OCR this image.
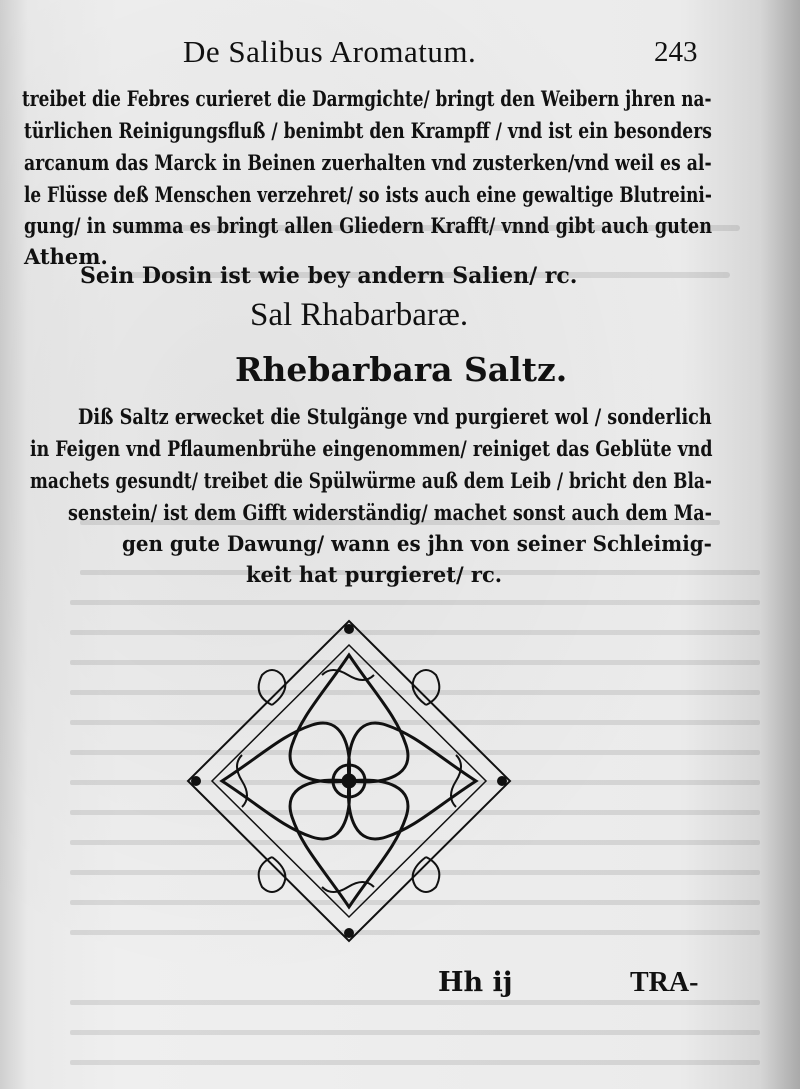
De Salibus Aromatum.	243
treibet die Febres curieret die Darmgichte/ bringt den Weibern jhren na-
türlichen Reinigungsfluß / benimbt den Krampff / vnd ist ein besonders
arcanum das Marck in Beinen zuerhalten vnd zusterken/vnd weil es al-
le Flüsse deß Menschen verzehret/ so ists auch eine gewaltige Blutreini-
gung/ in summa es bringt allen Gliedern Krafft/ vnnd gibt auch guten
Athem.
Sein Dosin ist wie bey andern Salien/ rc.
Sal Rhabarbaræ.
Rhebarbara Saltz.
Diß Saltz erwecket die Stulgänge vnd purgieret wol / sonderlich
in Feigen vnd Pflaumenbrühe eingenommen/ reiniget das Geblüte vnd
machets gesundt/ treibet die Spülwürme auß dem Leib / bricht den Bla-
senstein/ ist dem Gifft widerständig/ machet sonst auch dem Ma-
gen gute Dawung/ wann es jhn von seiner Schleimig-
keit hat purgieret/ rc.
Hh ij	TRA-
